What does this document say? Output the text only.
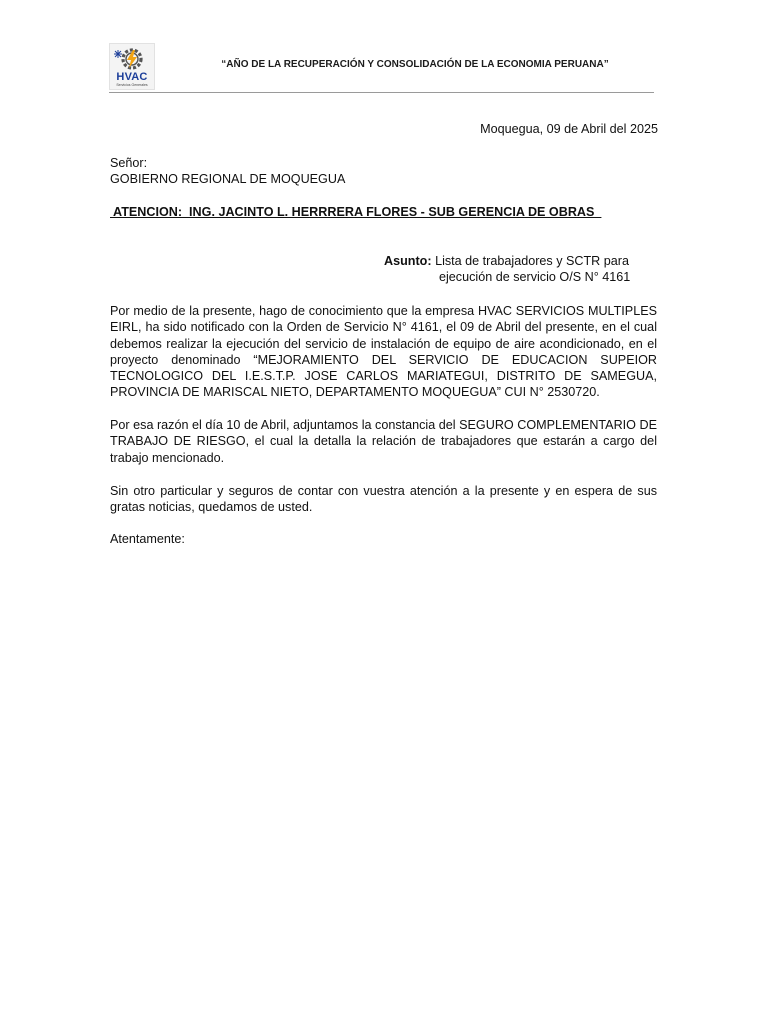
HVAC
Servicios Generales
“AÑO DE LA RECUPERACIÓN Y CONSOLIDACIÓN DE LA ECONOMIA PERUANA”
Moquegua, 09 de Abril del 2025
Señor:
GOBIERNO REGIONAL DE MOQUEGUA
ATENCION:  ING. JACINTO L. HERRRERA FLORES - SUB GERENCIA DE OBRAS
Asunto: Lista de trabajadores y SCTR para
ejecución de servicio O/S N° 4161
Por medio de la presente, hago de conocimiento que la empresa HVAC SERVICIOS MULTIPLES EIRL, ha sido notificado con la Orden de Servicio N° 4161, el 09 de Abril del presente, en el cual debemos realizar la ejecución del servicio de instalación de equipo de aire acondicionado, en el proyecto denominado “MEJORAMIENTO DEL SERVICIO DE EDUCACION SUPEIOR TECNOLOGICO DEL I.E.S.T.P. JOSE CARLOS MARIATEGUI, DISTRITO DE SAMEGUA, PROVINCIA DE MARISCAL NIETO, DEPARTAMENTO MOQUEGUA” CUI N° 2530720.
Por esa razón el día 10 de Abril, adjuntamos la constancia del SEGURO COMPLEMENTARIO DE TRABAJO DE RIESGO, el cual la detalla la relación de trabajadores que estarán a cargo del trabajo mencionado.
Sin otro particular y seguros de contar con vuestra atención a la presente y en espera de sus gratas noticias, quedamos de usted.
Atentamente:
